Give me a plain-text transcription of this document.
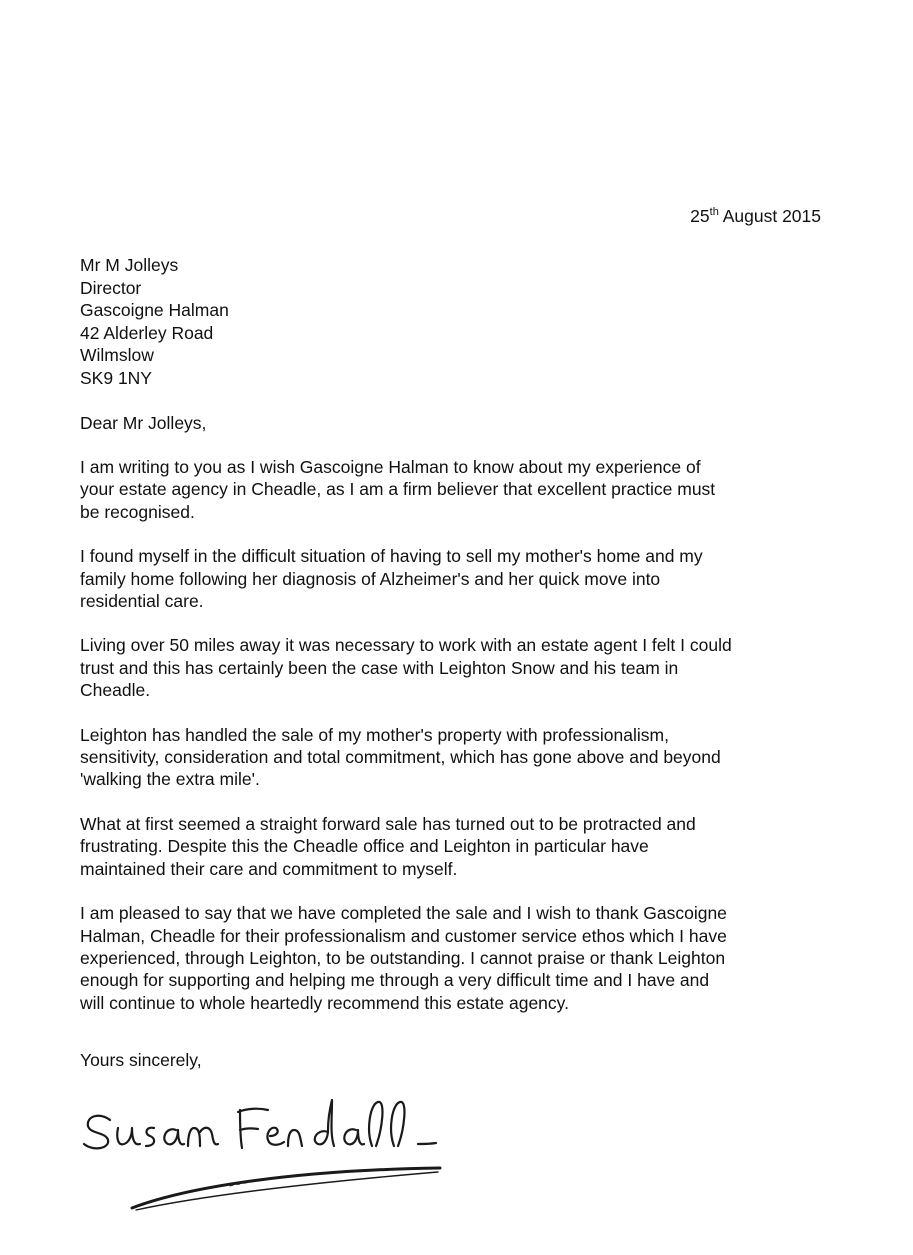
25th August 2015
Mr M Jolleys
Director
Gascoigne Halman
42 Alderley Road
Wilmslow
SK9 1NY
Dear Mr Jolleys,

I am writing to you as I wish Gascoigne Halman to know about my experience of
your estate agency in Cheadle, as I am a firm believer that excellent practice must
be recognised.

I found myself in the difficult situation of having to sell my mother's home and my
family home following her diagnosis of Alzheimer's and her quick move into
residential care.

Living over 50 miles away it was necessary to work with an estate agent I felt I could
trust and this has certainly been the case with Leighton Snow and his team in
Cheadle.

Leighton has handled the sale of my mother's property with professionalism,
sensitivity, consideration and total commitment, which has gone above and beyond
'walking the extra mile'.

What at first seemed a straight forward sale has turned out to be protracted and
frustrating. Despite this the Cheadle office and Leighton in particular have
maintained their care and commitment to myself.

I am pleased to say that we have completed the sale and I wish to thank Gascoigne
Halman, Cheadle for their professionalism and customer service ethos which I have
experienced, through Leighton, to be outstanding. I cannot praise or thank Leighton
enough for supporting and helping me through a very difficult time and I have and
will continue to whole heartedly recommend this estate agency.

Yours sincerely,
